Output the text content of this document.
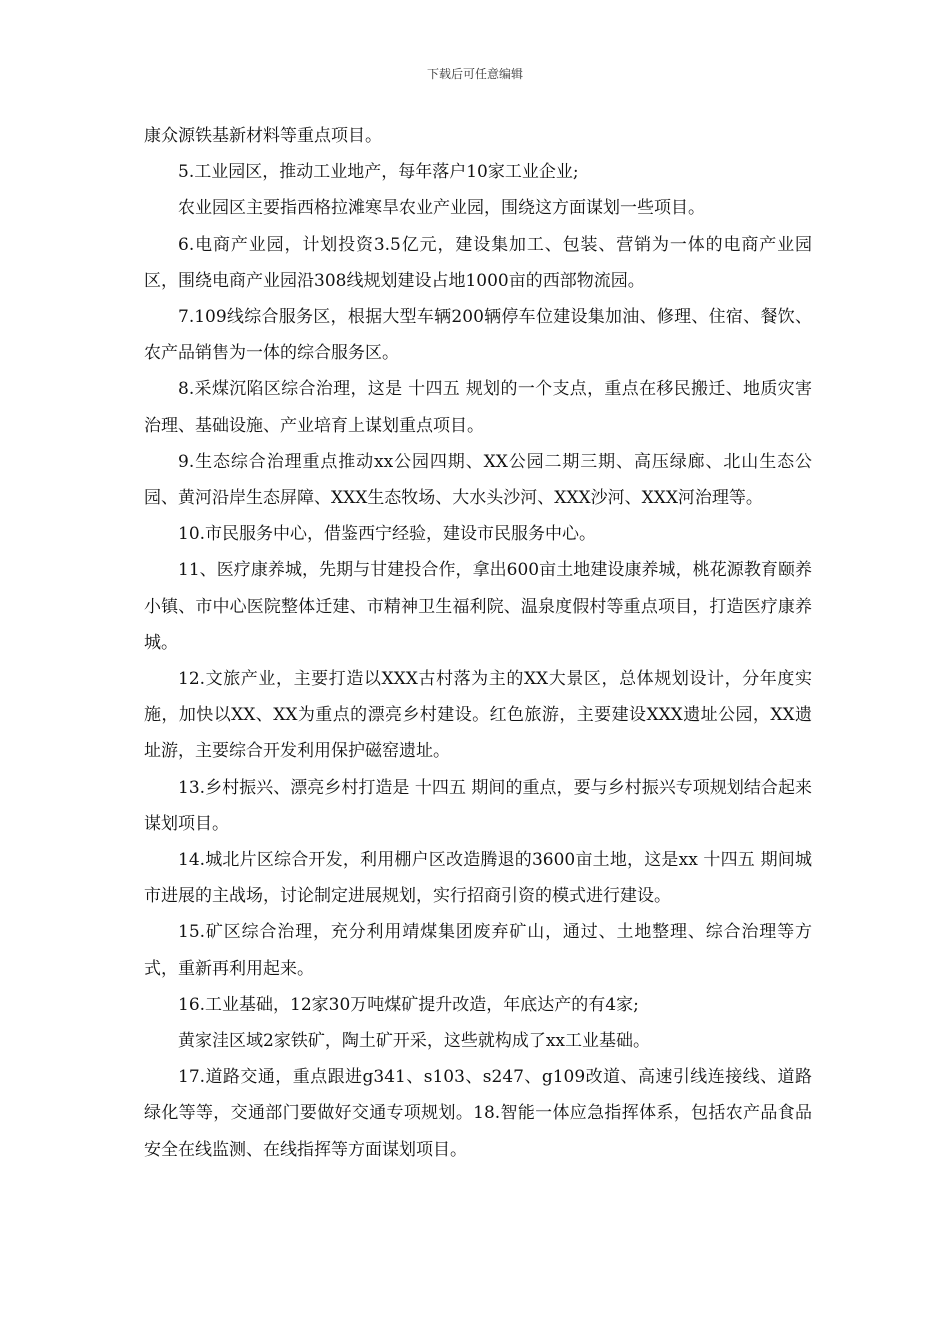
下载后可任意编辑

康众源铁基新材料等重点项目。

5.工业园区，推动工业地产，每年落户10家工业企业;

农业园区主要指西格拉滩寒旱农业产业园，围绕这方面谋划一些项目。

6.电商产业园，计划投资3.5亿元，建设集加工、包装、营销为一体的电商产业园区，围绕电商产业园沿308线规划建设占地1000亩的西部物流园。

7.109线综合服务区，根据大型车辆200辆停车位建设集加油、修理、住宿、餐饮、农产品销售为一体的综合服务区。

8.采煤沉陷区综合治理，这是 十四五 规划的一个支点，重点在移民搬迁、地质灾害治理、基础设施、产业培育上谋划重点项目。

9.生态综合治理重点推动xx公园四期、XX公园二期三期、高压绿廊、北山生态公园、黄河沿岸生态屏障、XXX生态牧场、大水头沙河、XXX沙河、XXX河治理等。

10.市民服务中心，借鉴西宁经验，建设市民服务中心。

11、医疗康养城，先期与甘建投合作，拿出600亩土地建设康养城，桃花源教育颐养小镇、市中心医院整体迁建、市精神卫生福利院、温泉度假村等重点项目，打造医疗康养城。

12.文旅产业，主要打造以XXX古村落为主的XX大景区，总体规划设计，分年度实施，加快以XX、XX为重点的漂亮乡村建设。红色旅游，主要建设XXX遗址公园，XX遗址游，主要综合开发利用保护磁窑遗址。

13.乡村振兴、漂亮乡村打造是 十四五 期间的重点，要与乡村振兴专项规划结合起来谋划项目。

14.城北片区综合开发，利用棚户区改造腾退的3600亩土地，这是xx 十四五 期间城市进展的主战场，讨论制定进展规划，实行招商引资的模式进行建设。

15.矿区综合治理，充分利用靖煤集团废弃矿山，通过、土地整理、综合治理等方式，重新再利用起来。

16.工业基础，12家30万吨煤矿提升改造，年底达产的有4家;

黄家洼区域2家铁矿，陶土矿开采，这些就构成了xx工业基础。

17.道路交通，重点跟进g341、s103、s247、g109改道、高速引线连接线、道路绿化等等，交通部门要做好交通专项规划。18.智能一体应急指挥体系，包括农产品食品安全在线监测、在线指挥等方面谋划项目。
